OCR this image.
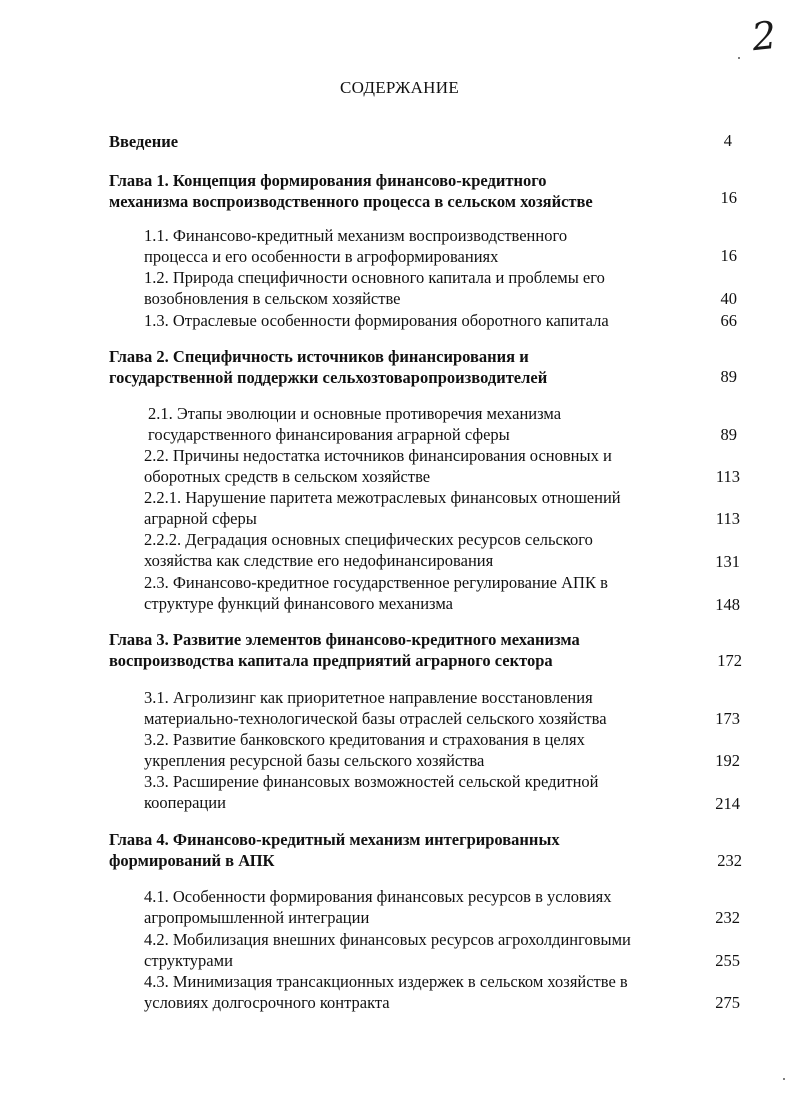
2
СОДЕРЖАНИЕ
Введение	4
Глава 1. Концепция формирования финансово-кредитного
механизма воспроизводственного процесса в сельском хозяйстве	16
1.1. Финансово-кредитный механизм воспроизводственного
процесса и его особенности в агроформированиях	16
1.2. Природа специфичности основного капитала и проблемы его
возобновления в сельском хозяйстве	40
1.3. Отраслевые особенности формирования оборотного капитала	66
Глава 2. Специфичность источников финансирования и
государственной поддержки сельхозтоваропроизводителей	89
2.1. Этапы эволюции и основные противоречия механизма
государственного финансирования аграрной сферы	89
2.2. Причины недостатка источников финансирования основных и
оборотных средств в сельском хозяйстве	113
2.2.1. Нарушение паритета межотраслевых финансовых отношений
аграрной сферы	113
2.2.2. Деградация основных специфических ресурсов сельского
хозяйства как следствие его недофинансирования	131
2.3. Финансово-кредитное государственное регулирование АПК в
структуре функций финансового механизма	148
Глава 3. Развитие элементов финансово-кредитного механизма
воспроизводства капитала предприятий аграрного сектора	172
3.1. Агролизинг как приоритетное направление восстановления
материально-технологической базы отраслей сельского хозяйства	173
3.2. Развитие банковского кредитования и страхования в целях
укрепления ресурсной базы сельского хозяйства	192
3.3. Расширение финансовых возможностей сельской кредитной
кооперации	214
Глава 4. Финансово-кредитный механизм интегрированных
формирований в АПК	232
4.1. Особенности формирования финансовых ресурсов в условиях
агропромышленной интеграции	232
4.2. Мобилизация внешних финансовых ресурсов агрохолдинговыми
структурами	255
4.3. Минимизация трансакционных издержек в сельском хозяйстве в
условиях долгосрочного контракта	275
